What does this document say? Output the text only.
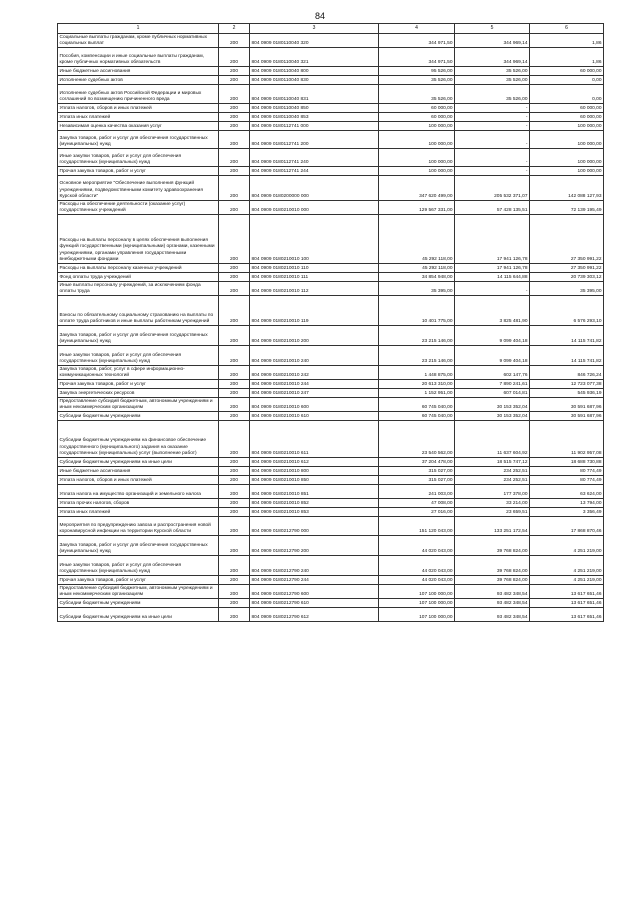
84
1	2	3	4	5	6
Социальные выплаты гражданам, кроме публичных нормативных социальных выплат	200	804 0909 0180110040 320	344 971,50	344 969,14	1,86
Пособия, компенсации и иные социальные выплаты гражданам, кроме публичных нормативных обязательств	200	804 0909 0180110040 321	344 971,50	344 969,14	1,86
Иные бюджетные ассигнования	200	804 0909 0180110040 800	95 526,00	35 526,00	60 000,00
Исполнение судебных актов	200	804 0909 0180110040 830	35 526,00	35 526,00	0,00
Исполнение судебных актов Российской Федерации и мировых соглашений по возмещению причиненного вреда	200	804 0909 0180110040 831	35 526,00	35 526,00	0,00
Уплата налогов, сборов и иных платежей	200	804 0909 0180110040 850	60 000,00	-	60 000,00
Уплата иных платежей	200	804 0909 0180110040 853	60 000,00	-	60 000,00
Независимая оценка качества оказания услуг	200	804 0909 0180112741 000	100 000,00	-	100 000,00
Закупка товаров, работ и услуг для обеспечения государственных (муниципальных) нужд	200	804 0909 0180112741 200	100 000,00	-	100 000,00
Иные закупки товаров, работ и услуг для обеспечения государственных (муниципальных) нужд	200	804 0909 0180112741 240	100 000,00	-	100 000,00
Прочая закупка товаров, работ и услуг	200	804 0909 0180112741 244	100 000,00	-	100 000,00
Основное мероприятие "Обеспечение выполнения функций учреждениями, подведомственными комитету здравоохранения Курской области"	200	804 0909 0180200000 000	347 620 499,00	205 532 371,07	142 088 127,93
Расходы на обеспечение деятельности (оказание услуг) государственных учреждений	200	804 0909 0180210010 000	129 567 331,00	57 428 135,51	72 139 195,49
Расходы на выплаты персоналу в целях обеспечения выполнения функций государственными (муниципальными) органами, казенными учреждениями, органами управления государственными внебюджетными фондами	200	804 0909 0180210010 100	45 292 118,00	17 941 126,78	27 350 991,22
Расходы на выплаты персоналу казенных учреждений	200	804 0909 0180210010 110	45 292 118,00	17 941 126,78	27 350 991,22
Фонд оплаты труда учреждений	200	804 0909 0180210010 111	34 854 948,00	14 115 644,88	20 739 303,12
Иные выплаты персоналу учреждений, за исключением фонда оплаты труда	200	804 0909 0180210010 112	35 395,00	-	35 395,00
Взносы по обязательному социальному страхованию на выплаты по оплате труда работников и иные выплаты работникам учреждений	200	804 0909 0180210010 119	10 401 775,00	3 825 481,90	6 576 293,10
Закупка товаров, работ и услуг для обеспечения государственных (муниципальных) нужд	200	804 0909 0180210010 200	23 215 146,00	9 099 404,18	14 115 741,82
Иные закупки товаров, работ и услуг для обеспечения государственных (муниципальных) нужд	200	804 0909 0180210010 240	23 215 146,00	9 099 404,18	14 115 741,82
Закупка товаров, работ, услуг в сфере информационно-коммуникационных технологий	200	804 0909 0180210010 242	1 448 875,00	602 147,76	846 726,24
Прочая закупка товаров, работ и услуг	200	804 0909 0180210010 244	20 613 310,00	7 890 241,61	12 723 077,38
Закупка энергетических ресурсов	200	804 0909 0180210010 247	1 152 951,00	607 014,81	545 936,19
Предоставление субсидий бюджетным, автономным учреждениям и иным некоммерческим организациям	200	804 0909 0180210010 600	60 745 040,00	30 153 352,04	30 591 687,96
Субсидии бюджетным учреждениям	200	804 0909 0180210010 610	60 745 040,00	30 153 352,04	30 591 687,96
Субсидии бюджетным учреждениям на финансовое обеспечение государственного (муниципального) задания на оказание государственных (муниципальных) услуг (выполнение работ)	200	804 0909 0180210010 611	23 540 562,00	11 637 604,92	11 902 957,08
Субсидии бюджетным учреждениям на иные цели	200	804 0909 0180210010 612	37 204 478,00	18 515 747,12	18 688 730,88
Иные бюджетные ассигнования	200	804 0909 0180210010 800	315 027,00	234 252,51	80 774,49
Уплата налогов, сборов и иных платежей	200	804 0909 0180210010 850	315 027,00	234 252,51	80 774,49
Уплата налога на имущество организаций и земельного налога	200	804 0909 0180210010 851	241 003,00	177 378,00	63 624,00
Уплата прочих налогов, сборов	200	804 0909 0180210010 852	47 008,00	33 214,00	13 794,00
Уплата иных платежей	200	804 0909 0180210010 853	27 016,00	23 659,51	3 356,49
Мероприятия по предупреждению завоза и распространения новой коронавирусной инфекции на территории Курской области	200	804 0909 0180212790 000	151 120 043,00	133 251 172,54	17 868 870,46
Закупка товаров, работ и услуг для обеспечения государственных (муниципальных) нужд	200	804 0909 0180212790 200	44 020 043,00	39 768 824,00	4 251 219,00
Иные закупки товаров, работ и услуг для обеспечения государственных (муниципальных) нужд	200	804 0909 0180212790 240	44 020 043,00	39 768 824,00	4 251 219,00
Прочая закупка товаров, работ и услуг	200	804 0909 0180212790 244	44 020 043,00	39 768 824,00	4 251 219,00
Предоставление субсидий бюджетным, автономным учреждениям и иным некоммерческим организациям	200	804 0909 0180212790 600	107 100 000,00	93 482 348,54	13 617 651,46
Субсидии бюджетным учреждениям	200	804 0909 0180212790 610	107 100 000,00	93 482 348,54	13 617 651,46
Субсидии бюджетным учреждениям на иные цели	200	804 0909 0180212790 612	107 100 000,00	93 482 348,54	13 617 651,46
